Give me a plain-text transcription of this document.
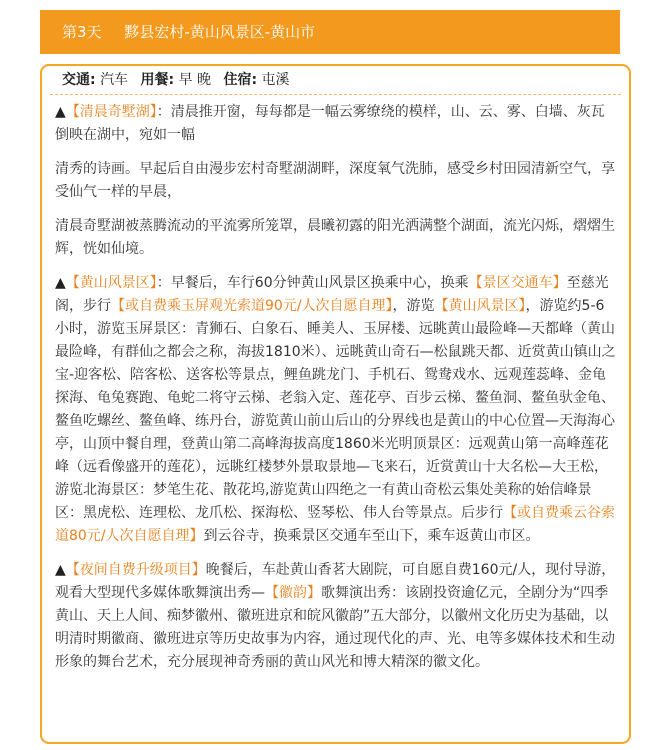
第3天 黟县宏村-黄山风景区-黄山市
交通: 汽车 用餐: 早 晚 住宿: 屯溪

▲【清晨奇墅湖】：清晨推开窗，每每都是一幅云雾缭绕的模样，山、云、雾、白墙、灰瓦倒映在湖中，宛如一幅

清秀的诗画。早起后自由漫步宏村奇墅湖湖畔，深度氧气洗肺，感受乡村田园清新空气，享受仙气一样的早晨，

清晨奇墅湖被蒸腾流动的平流雾所笼罩，晨曦初露的阳光洒满整个湖面，流光闪烁，熠熠生辉，恍如仙境。

▲【黄山风景区】：早餐后，车行60分钟黄山风景区换乘中心，换乘【景区交通车】至慈光阁，步行【或自费乘玉屏观光索道90元/人次自愿自理】，游览【黄山风景区】，游览约5-6小时，游览玉屏景区：青狮石、白象石、睡美人、玉屏楼、远眺黄山最险峰—天都峰（黄山最险峰，有群仙之都会之称，海拔1810米）、远眺黄山奇石—松鼠跳天都、近赏黄山镇山之宝-迎客松、陪客松、送客松等景点，鲤鱼跳龙门、手机石、鸳鸯戏水、远观莲蕊峰、金龟探海、龟兔赛跑、龟蛇二将守云梯、老翁入定、莲花亭、百步云梯、鳌鱼洞、鳌鱼驮金龟、鳌鱼吃螺丝、鳌鱼峰、练丹台，游览黄山前山后山的分界线也是黄山的中心位置—天海海心亭，山顶中餐自理，登黄山第二高峰海拔高度1860米光明顶景区：远观黄山第一高峰莲花峰（远看像盛开的莲花），远眺红楼梦外景取景地—飞来石，近赏黄山十大名松—大王松，游览北海景区：梦笔生花、散花坞,游览黄山四绝之一有黄山奇松云集处美称的始信峰景区：黑虎松、连理松、龙爪松、探海松、竖琴松、伟人台等景点。后步行【或自费乘云谷索道80元/人次自愿自理】到云谷寺，换乘景区交通车至山下，乘车返黄山市区。

▲【夜间自费升级项目】晚餐后，车赴黄山香茗大剧院，可自愿自费160元/人，现付导游，观看大型现代多媒体歌舞演出秀—【徽韵】歌舞演出秀：该剧投资逾亿元，全剧分为“四季黄山、天上人间、痴梦徽州、徽班进京和皖风徽韵”五大部分，以徽州文化历史为基础，以明清时期徽商、徽班进京等历史故事为内容，通过现代化的声、光、电等多媒体技术和生动形象的舞台艺术，充分展现神奇秀丽的黄山风光和博大精深的徽文化。
